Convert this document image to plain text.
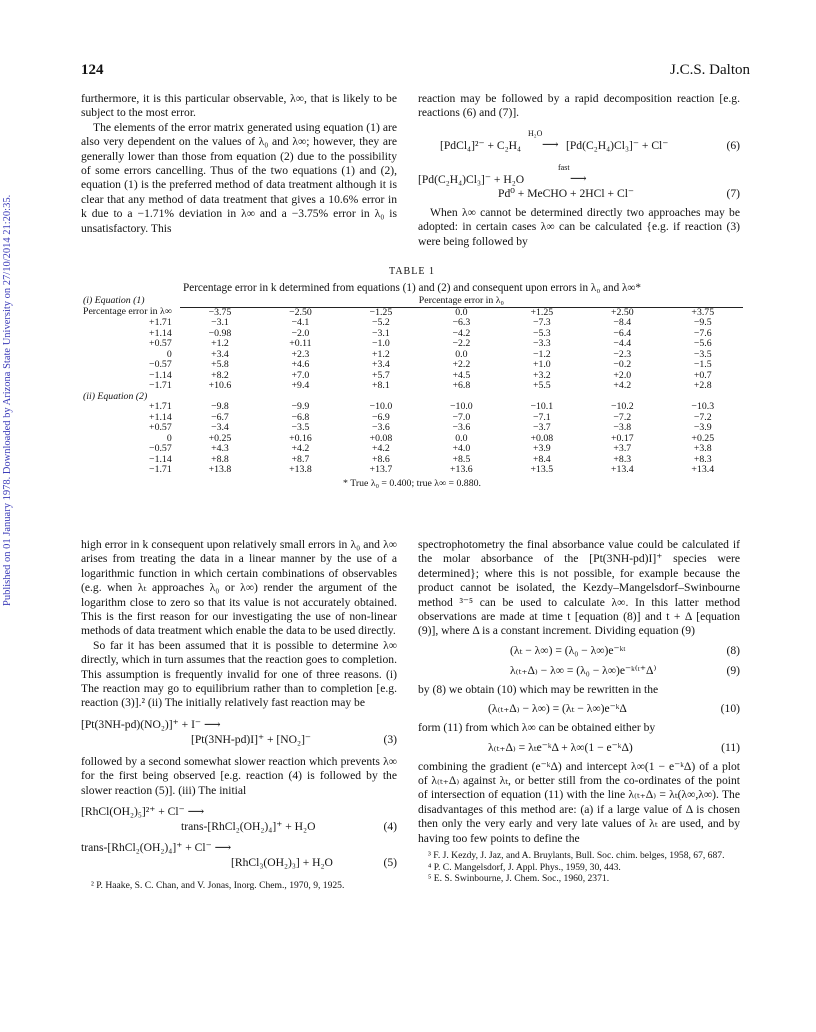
124	J.C.S. Dalton
Published on 01 January 1978. Downloaded by Arizona State University on 27/10/2014 21:20:35.

furthermore, it is this particular observable, λ∞, that is likely to be subject to the most error.

The elements of the error matrix generated using equation (1) are also very dependent on the values of λ₀ and λ∞; however, they are generally lower than those from equation (2) due to the possibility of some errors cancelling. Thus of the two equations (1) and (2), equation (1) is the preferred method of data treatment although it is clear that any method of data treatment that gives a 10.6% error in k due to a −1.71% deviation in λ∞ and a −3.75% error in λ₀ is unsatisfactory. This

reaction may be followed by a rapid decomposition reaction [e.g. reactions (6) and (7)].

H₂O
[PdCl₄]²⁻ + C₂H₄ ⟶ [Pd(C₂H₄)Cl₃]⁻ + Cl⁻	(6)
fast
[Pd(C₂H₄)Cl₃]⁻ + H₂O	⟶
Pd⁰ + MeCHO + 2HCl + Cl⁻	(7)

When λ∞ cannot be determined directly two approaches may be adopted: in certain cases λ∞ can be calculated {e.g. if reaction (3) were being followed by

TABLE 1
Percentage error in k determined from equations (1) and (2) and consequent upon errors in λ₀ and λ∞*
(i) Equation (1)	Percentage error in λ₀						
Percentage error in λ∞	−3.75	−2.50	−1.25	0.0	+1.25	+2.50	+3.75
+1.71	−3.1	−4.1	−5.2	−6.3	−7.3	−8.4	−9.5
+1.14	−0.98	−2.0	−3.1	−4.2	−5.3	−6.4	−7.6
+0.57	+1.2	+0.11	−1.0	−2.2	−3.3	−4.4	−5.6
0	+3.4	+2.3	+1.2	0.0	−1.2	−2.3	−3.5
−0.57	+5.8	+4.6	+3.4	+2.2	+1.0	−0.2	−1.5
−1.14	+8.2	+7.0	+5.7	+4.5	+3.2	+2.0	+0.7
−1.71	+10.6	+9.4	+8.1	+6.8	+5.5	+4.2	+2.8
(ii) Equation (2)							
+1.71	−9.8	−9.9	−10.0	−10.0	−10.1	−10.2	−10.3
+1.14	−6.7	−6.8	−6.9	−7.0	−7.1	−7.2	−7.2
+0.57	−3.4	−3.5	−3.6	−3.6	−3.7	−3.8	−3.9
0	+0.25	+0.16	+0.08	0.0	+0.08	+0.17	+0.25
−0.57	+4.3	+4.2	+4.2	+4.0	+3.9	+3.7	+3.8
−1.14	+8.8	+8.7	+8.6	+8.5	+8.4	+8.3	+8.3
−1.71	+13.8	+13.8	+13.7	+13.6	+13.5	+13.4	+13.4
* True λ₀ = 0.400; true λ∞ = 0.880.

high error in k consequent upon relatively small errors in λ₀ and λ∞ arises from treating the data in a linear manner by the use of a logarithmic function in which certain combinations of observables (e.g. when λₜ approaches λ₀ or λ∞) render the argument of the logarithm close to zero so that its value is not accurately obtained. This is the first reason for our investigating the use of non-linear methods of data treatment which enable the data to be used directly.

So far it has been assumed that it is possible to determine λ∞ directly, which in turn assumes that the reaction goes to completion. This assumption is frequently invalid for one of three reasons. (i) The reaction may go to equilibrium rather than to completion [e.g. reaction (3)].² (ii) The initially relatively fast reaction may be

[Pt(3NH-pd)(NO₂)]⁺ + I⁻ ⟶
[Pt(3NH-pd)I]⁺ + [NO₂]⁻	(3)

followed by a second somewhat slower reaction which prevents λ∞ for the first being observed [e.g. reaction (4) is followed by the slower reaction (5)]. (iii) The initial

[RhCl(OH₂)₅]²⁺ + Cl⁻ ⟶
trans-[RhCl₂(OH₂)₄]⁺ + H₂O	(4)
trans-[RhCl₂(OH₂)₄]⁺ + Cl⁻ ⟶
[RhCl₃(OH₂)₃] + H₂O	(5)

² P. Haake, S. C. Chan, and V. Jonas, Inorg. Chem., 1970, 9, 1925.

spectrophotometry the final absorbance value could be calculated if the molar absorbance of the [Pt(3NH-pd)I]⁺ species were determined}; where this is not possible, for example because the product cannot be isolated, the Kezdy–Mangelsdorf–Swinbourne method ³⁻⁵ can be used to calculate λ∞. In this latter method observations are made at time t [equation (8)] and t + Δ [equation (9)], where Δ is a constant increment. Dividing equation (9)

(λₜ − λ∞) = (λ₀ − λ∞)e⁻ᵏᵗ	(8)
λ₍ₜ₊Δ₎ − λ∞ = (λ₀ − λ∞)e⁻ᵏ⁽ᵗ⁺Δ⁾	(9)

by (8) we obtain (10) which may be rewritten in the

(λ₍ₜ₊Δ₎ − λ∞) = (λₜ − λ∞)e⁻ᵏΔ	(10)

form (11) from which λ∞ can be obtained either by

λ₍ₜ₊Δ₎ = λₜe⁻ᵏΔ + λ∞(1 − e⁻ᵏΔ)	(11)

combining the gradient (e⁻ᵏΔ) and intercept λ∞(1 − e⁻ᵏΔ) of a plot of λ₍ₜ₊Δ₎ against λₜ, or better still from the co-ordinates of the point of intersection of equation (11) with the line λ₍ₜ₊Δ₎ = λₜ(λ∞,λ∞). The disadvantages of this method are: (a) if a large value of Δ is chosen then only the very early and very late values of λₜ are used, and by having too few points to define the

³ F. J. Kezdy, J. Jaz, and A. Bruylants, Bull. Soc. chim. belges, 1958, 67, 687.
⁴ P. C. Mangelsdorf, J. Appl. Phys., 1959, 30, 443.
⁵ E. S. Swinbourne, J. Chem. Soc., 1960, 2371.
